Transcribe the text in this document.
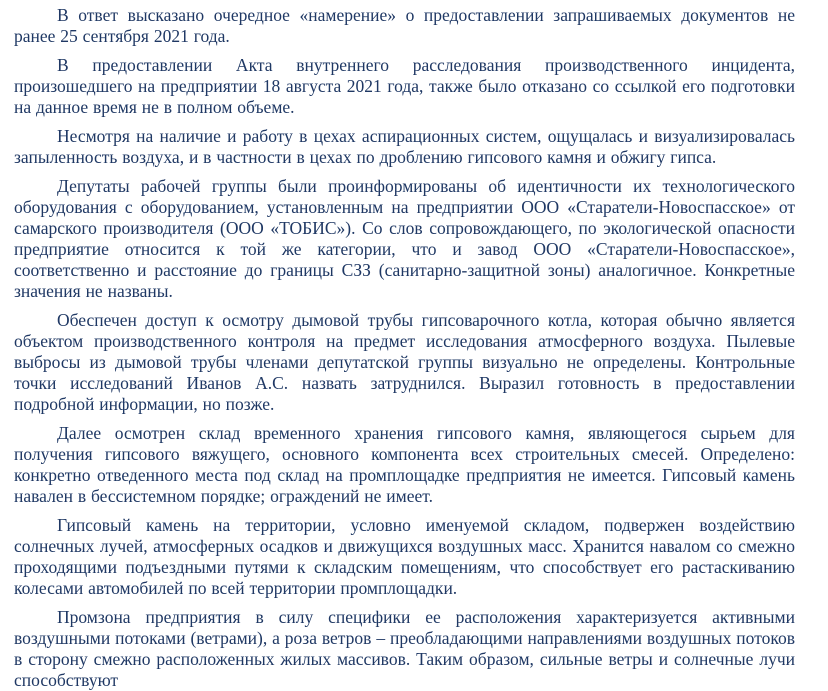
В ответ высказано очередное «намерение» о предоставлении запрашиваемых документов не ранее 25 сентября 2021 года.

В предоставлении Акта внутреннего расследования производственного инцидента, произошедшего на предприятии 18 августа 2021 года, также было отказано со ссылкой его подготовки на данное время не в полном объеме.

Несмотря на наличие и работу в цехах аспирационных систем, ощущалась и визуализировалась запыленность воздуха, и в частности в цехах по дроблению гипсового камня и обжигу гипса.

Депутаты рабочей группы были проинформированы об идентичности их технологического оборудования с оборудованием, установленным на предприятии ООО «Старатели-Новоспасское» от самарского производителя (ООО «ТОБИС»). Со слов сопровождающего, по экологической опасности предприятие относится к той же категории, что и завод ООО «Старатели-Новоспасское», соответственно и расстояние до границы СЗЗ (санитарно-защитной зоны) аналогичное. Конкретные значения не названы.

Обеспечен доступ к осмотру дымовой трубы гипсоварочного котла, которая обычно является объектом производственного контроля на предмет исследования атмосферного воздуха. Пылевые выбросы из дымовой трубы членами депутатской группы визуально не определены. Контрольные точки исследований Иванов А.С. назвать затруднился. Выразил готовность в предоставлении подробной информации, но позже.

Далее осмотрен склад временного хранения гипсового камня, являющегося сырьем для получения гипсового вяжущего, основного компонента всех строительных смесей. Определено: конкретно отведенного места под склад на промплощадке предприятия не имеется. Гипсовый камень навален в бессистемном порядке; ограждений не имеет.

Гипсовый камень на территории, условно именуемой складом, подвержен воздействию солнечных лучей, атмосферных осадков и движущихся воздушных масс. Хранится навалом со смежно проходящими подъездными путями к складским помещениям, что способствует его растаскиванию колесами автомобилей по всей территории промплощадки.

Промзона предприятия в силу специфики ее расположения характеризуется активными воздушными потоками (ветрами), а роза ветров – преобладающими направлениями воздушных потоков в сторону смежно расположенных жилых массивов. Таким образом, сильные ветры и солнечные лучи способствуют
